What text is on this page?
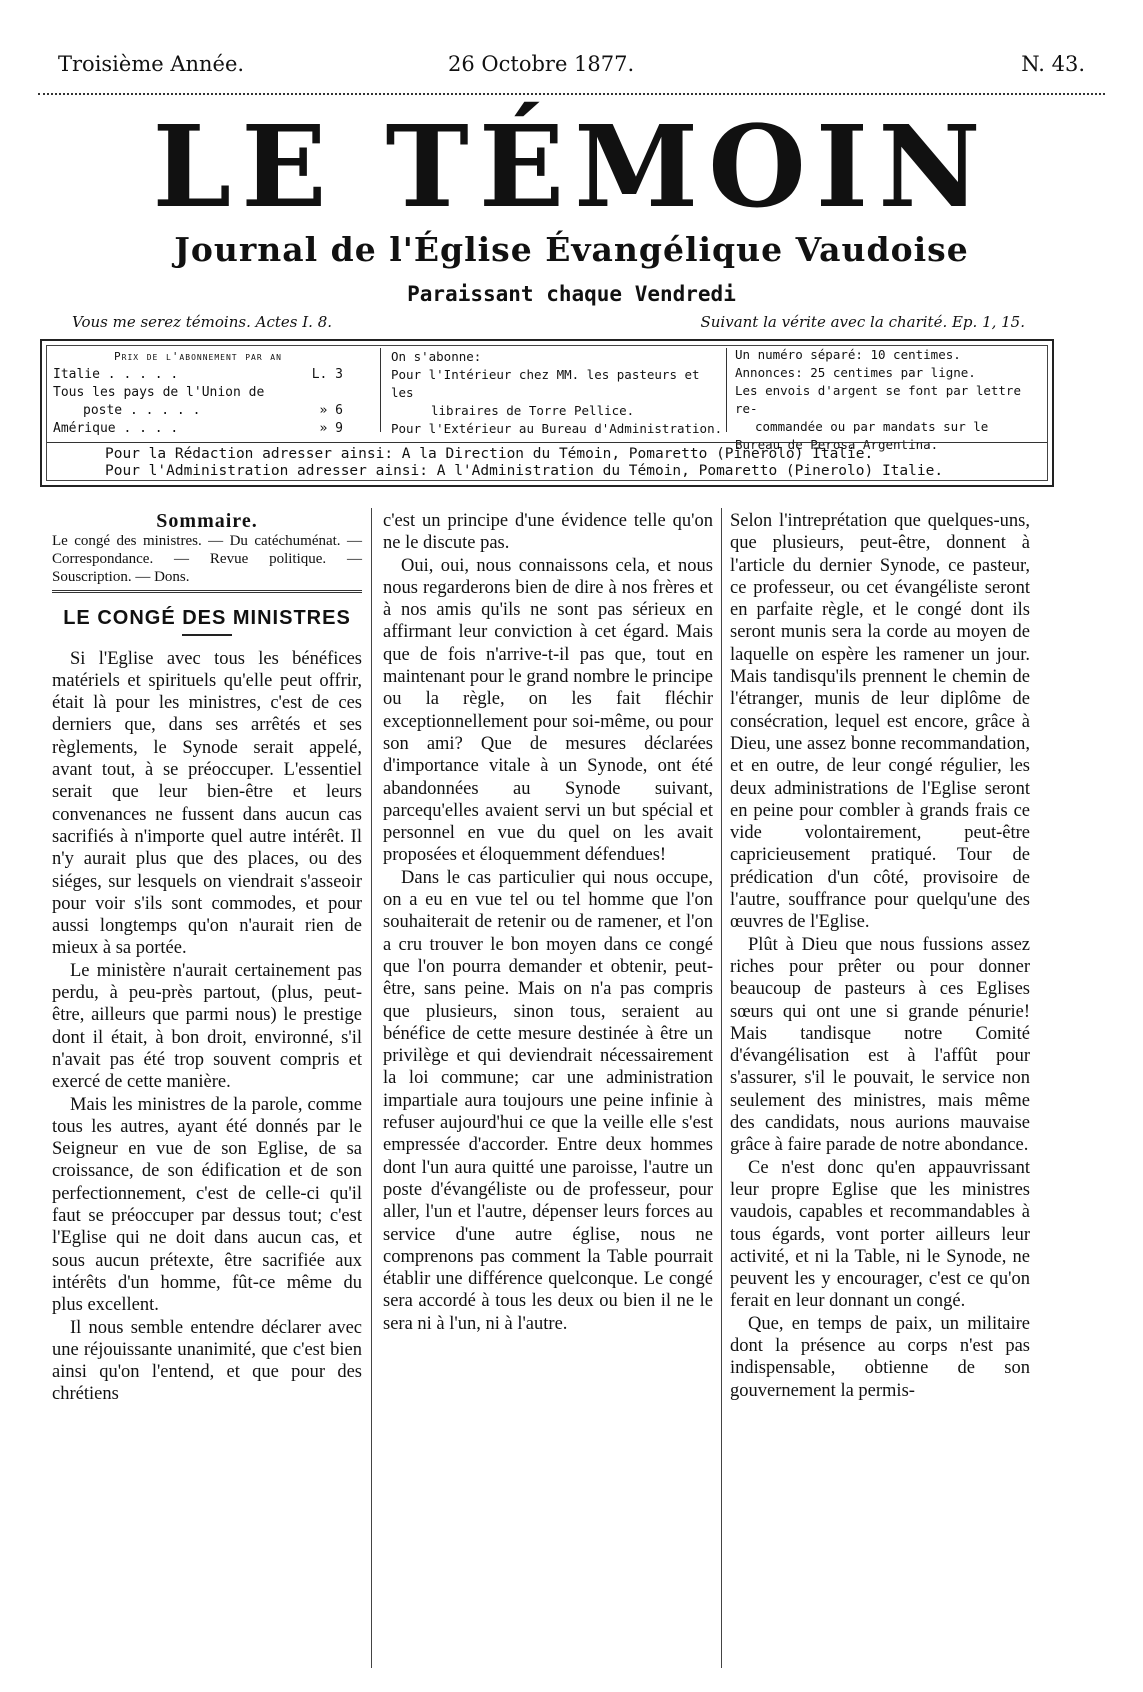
Troisième Année.	26 Octobre 1877.	N. 43.
LE TÉMOIN
Journal de l'Église Évangélique Vaudoise
Paraissant chaque Vendredi
Vous me serez témoins. Actes I. 8.	Suivant la vérite avec la charité. Ep. 1, 15.
Prix de l'abonnement par an
Italie . . . . .	L. 3
Tous les pays de l'Union de
poste . . . . .	» 6
Amérique . . . .	» 9
On s'abonne:
Pour l'Intérieur chez MM. les pasteurs et les
libraires de Torre Pellice.
Pour l'Extérieur au Bureau d'Administration.
Un numéro séparé: 10 centimes.
Annonces: 25 centimes par ligne.
Les envois d'argent se font par lettre re-
commandée ou par mandats sur le
Bureau de Perosa Argentina.
Pour la Rédaction adresser ainsi: A la Direction du Témoin, Pomaretto (Pinerolo) Italie.
Pour l'Administration adresser ainsi: A l'Administration du Témoin, Pomaretto (Pinerolo) Italie.
Sommaire.
Le congé des ministres. — Du catéchuménat. — Correspondance. — Revue politique. — Souscription. — Dons.
LE CONGÉ DES MINISTRES

Si l'Eglise avec tous les bénéfices matériels et spirituels qu'elle peut offrir, était là pour les ministres, c'est de ces derniers que, dans ses arrêtés et ses règlements, le Synode serait appelé, avant tout, à se préoccuper. L'essentiel serait que leur bien-être et leurs convenances ne fussent dans aucun cas sacrifiés à n'importe quel autre intérêt. Il n'y aurait plus que des places, ou des siéges, sur lesquels on viendrait s'asseoir pour voir s'ils sont commodes, et pour aussi longtemps qu'on n'aurait rien de mieux à sa portée.

Le ministère n'aurait certainement pas perdu, à peu-près partout, (plus, peut-être, ailleurs que parmi nous) le prestige dont il était, à bon droit, environné, s'il n'avait pas été trop souvent compris et exercé de cette manière.

Mais les ministres de la parole, comme tous les autres, ayant été donnés par le Seigneur en vue de son Eglise, de sa croissance, de son édification et de son perfectionnement, c'est de celle-ci qu'il faut se préoccuper par dessus tout; c'est l'Eglise qui ne doit dans aucun cas, et sous aucun prétexte, être sacrifiée aux intérêts d'un homme, fût-ce même du plus excellent.

Il nous semble entendre déclarer avec une réjouissante unanimité, que c'est bien ainsi qu'on l'entend, et que pour des chrétiens

c'est un principe d'une évidence telle qu'on ne le discute pas.

Oui, oui, nous connaissons cela, et nous nous regarderons bien de dire à nos frères et à nos amis qu'ils ne sont pas sérieux en affirmant leur conviction à cet égard. Mais que de fois n'arrive-t-il pas que, tout en maintenant pour le grand nombre le principe ou la règle, on les fait fléchir exceptionnellement pour soi-même, ou pour son ami? Que de mesures déclarées d'importance vitale à un Synode, ont été abandonnées au Synode suivant, parcequ'elles avaient servi un but spécial et personnel en vue du quel on les avait proposées et éloquemment défendues!

Dans le cas particulier qui nous occupe, on a eu en vue tel ou tel homme que l'on souhaiterait de retenir ou de ramener, et l'on a cru trouver le bon moyen dans ce congé que l'on pourra demander et obtenir, peut-être, sans peine. Mais on n'a pas compris que plusieurs, sinon tous, seraient au bénéfice de cette mesure destinée à être un privilège et qui deviendrait nécessairement la loi commune; car une administration impartiale aura toujours une peine infinie à refuser aujourd'hui ce que la veille elle s'est empressée d'accorder. Entre deux hommes dont l'un aura quitté une paroisse, l'autre un poste d'évangéliste ou de professeur, pour aller, l'un et l'autre, dépenser leurs forces au service d'une autre église, nous ne comprenons pas comment la Table pourrait établir une différence quelconque. Le congé sera accordé à tous les deux ou bien il ne le sera ni à l'un, ni à l'autre.

Selon l'intreprétation que quelques-uns, que plusieurs, peut-être, donnent à l'article du dernier Synode, ce pasteur, ce professeur, ou cet évangéliste seront en parfaite règle, et le congé dont ils seront munis sera la corde au moyen de laquelle on espère les ramener un jour. Mais tandisqu'ils prennent le chemin de l'étranger, munis de leur diplôme de consécration, lequel est encore, grâce à Dieu, une assez bonne recommandation, et en outre, de leur congé régulier, les deux administrations de l'Eglise seront en peine pour combler à grands frais ce vide volontairement, peut-être capricieusement pratiqué. Tour de prédication d'un côté, provisoire de l'autre, souffrance pour quelqu'une des œuvres de l'Eglise.

Plût à Dieu que nous fussions assez riches pour prêter ou pour donner beaucoup de pasteurs à ces Eglises sœurs qui ont une si grande pénurie! Mais tandisque notre Comité d'évangélisation est à l'affût pour s'assurer, s'il le pouvait, le service non seulement des ministres, mais même des candidats, nous aurions mauvaise grâce à faire parade de notre abondance.

Ce n'est donc qu'en appauvrissant leur propre Eglise que les ministres vaudois, capables et recommandables à tous égards, vont porter ailleurs leur activité, et ni la Table, ni le Synode, ne peuvent les y encourager, c'est ce qu'on ferait en leur donnant un congé.

Que, en temps de paix, un militaire dont la présence au corps n'est pas indispensable, obtienne de son gouvernement la permis-
